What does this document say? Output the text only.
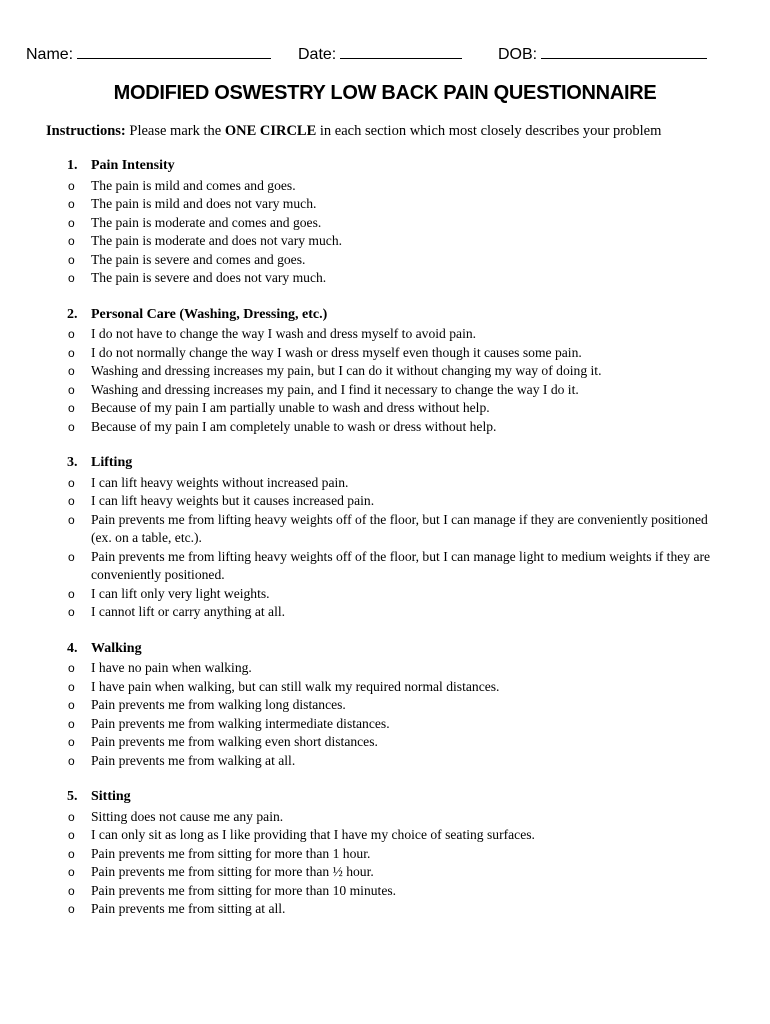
Name:	Date:	DOB:
MODIFIED OSWESTRY LOW BACK PAIN QUESTIONNAIRE
Instructions: Please mark the ONE CIRCLE in each section which most closely describes your problem
1. Pain Intensity
o The pain is mild and comes and goes.
o The pain is mild and does not vary much.
o The pain is moderate and comes and goes.
o The pain is moderate and does not vary much.
o The pain is severe and comes and goes.
o The pain is severe and does not vary much.
2. Personal Care (Washing, Dressing, etc.)
o I do not have to change the way I wash and dress myself to avoid pain.
o I do not normally change the way I wash or dress myself even though it causes some pain.
o Washing and dressing increases my pain, but I can do it without changing my way of doing it.
o Washing and dressing increases my pain, and I find it necessary to change the way I do it.
o Because of my pain I am partially unable to wash and dress without help.
o Because of my pain I am completely unable to wash or dress without help.
3. Lifting
o I can lift heavy weights without increased pain.
o I can lift heavy weights but it causes increased pain.
o Pain prevents me from lifting heavy weights off of the floor, but I can manage if they are conveniently positioned (ex. on a table, etc.).
o Pain prevents me from lifting heavy weights off of the floor, but I can manage light to medium weights if they are conveniently positioned.
o I can lift only very light weights.
o I cannot lift or carry anything at all.
4. Walking
o I have no pain when walking.
o I have pain when walking, but can still walk my required normal distances.
o Pain prevents me from walking long distances.
o Pain prevents me from walking intermediate distances.
o Pain prevents me from walking even short distances.
o Pain prevents me from walking at all.
5. Sitting
o Sitting does not cause me any pain.
o I can only sit as long as I like providing that I have my choice of seating surfaces.
o Pain prevents me from sitting for more than 1 hour.
o Pain prevents me from sitting for more than ½ hour.
o Pain prevents me from sitting for more than 10 minutes.
o Pain prevents me from sitting at all.
